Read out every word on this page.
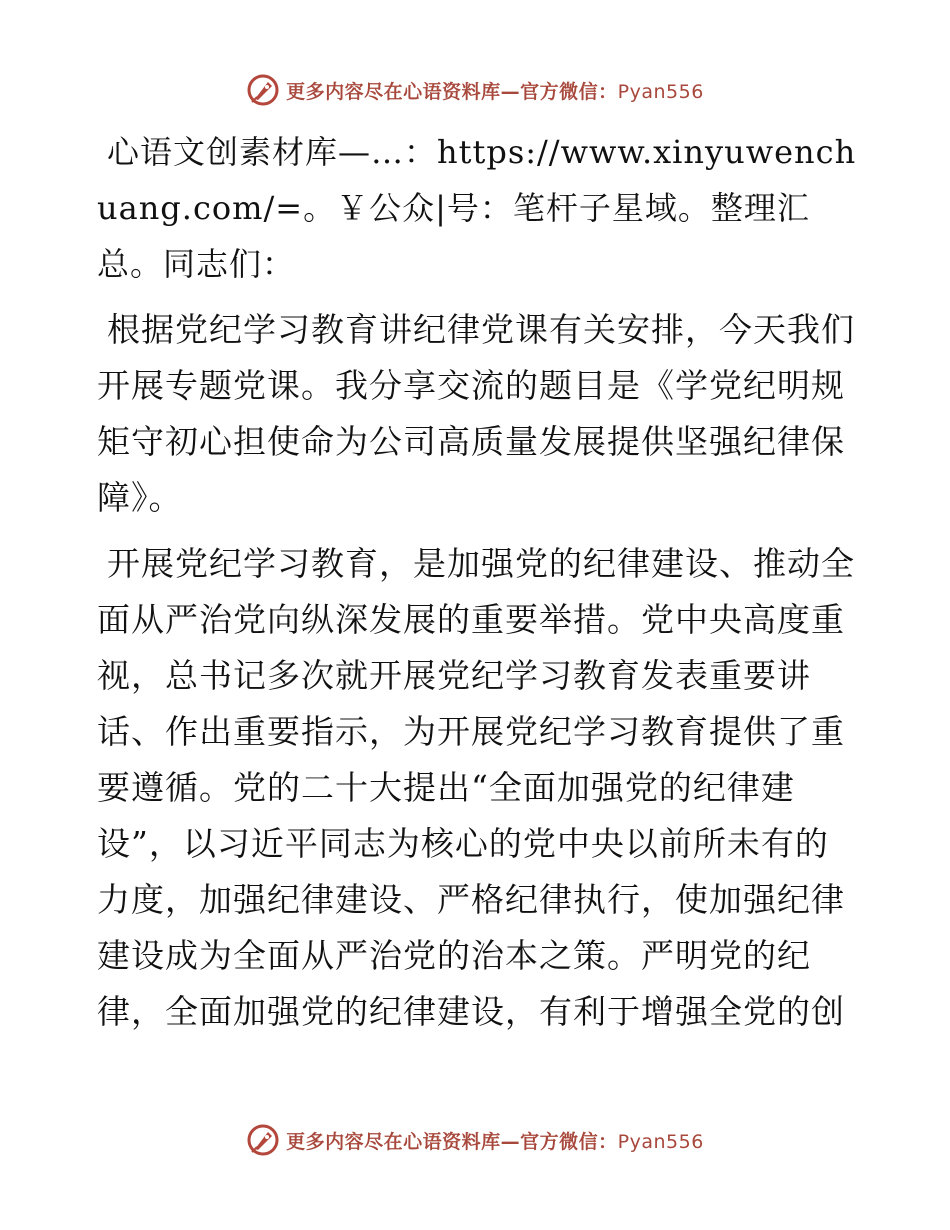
更多内容尽在心语资料库—官方微信：Pyan556

心语文创素材库—…：https://www.xinyuwenchuang.com/=。￥公众|号：笔杆子星域。整理汇总。同志们：

根据党纪学习教育讲纪律党课有关安排，今天我们开展专题党课。我分享交流的题目是《学党纪明规矩守初心担使命为公司高质量发展提供坚强纪律保障》。

开展党纪学习教育，是加强党的纪律建设、推动全面从严治党向纵深发展的重要举措。党中央高度重视，总书记多次就开展党纪学习教育发表重要讲话、作出重要指示，为开展党纪学习教育提供了重要遵循。党的二十大提出“全面加强党的纪律建设”，以习近平同志为核心的党中央以前所未有的力度，加强纪律建设、严格纪律执行，使加强纪律建设成为全面从严治党的治本之策。严明党的纪律，全面加强党的纪律建设，有利于增强全党的创

更多内容尽在心语资料库—官方微信：Pyan556
